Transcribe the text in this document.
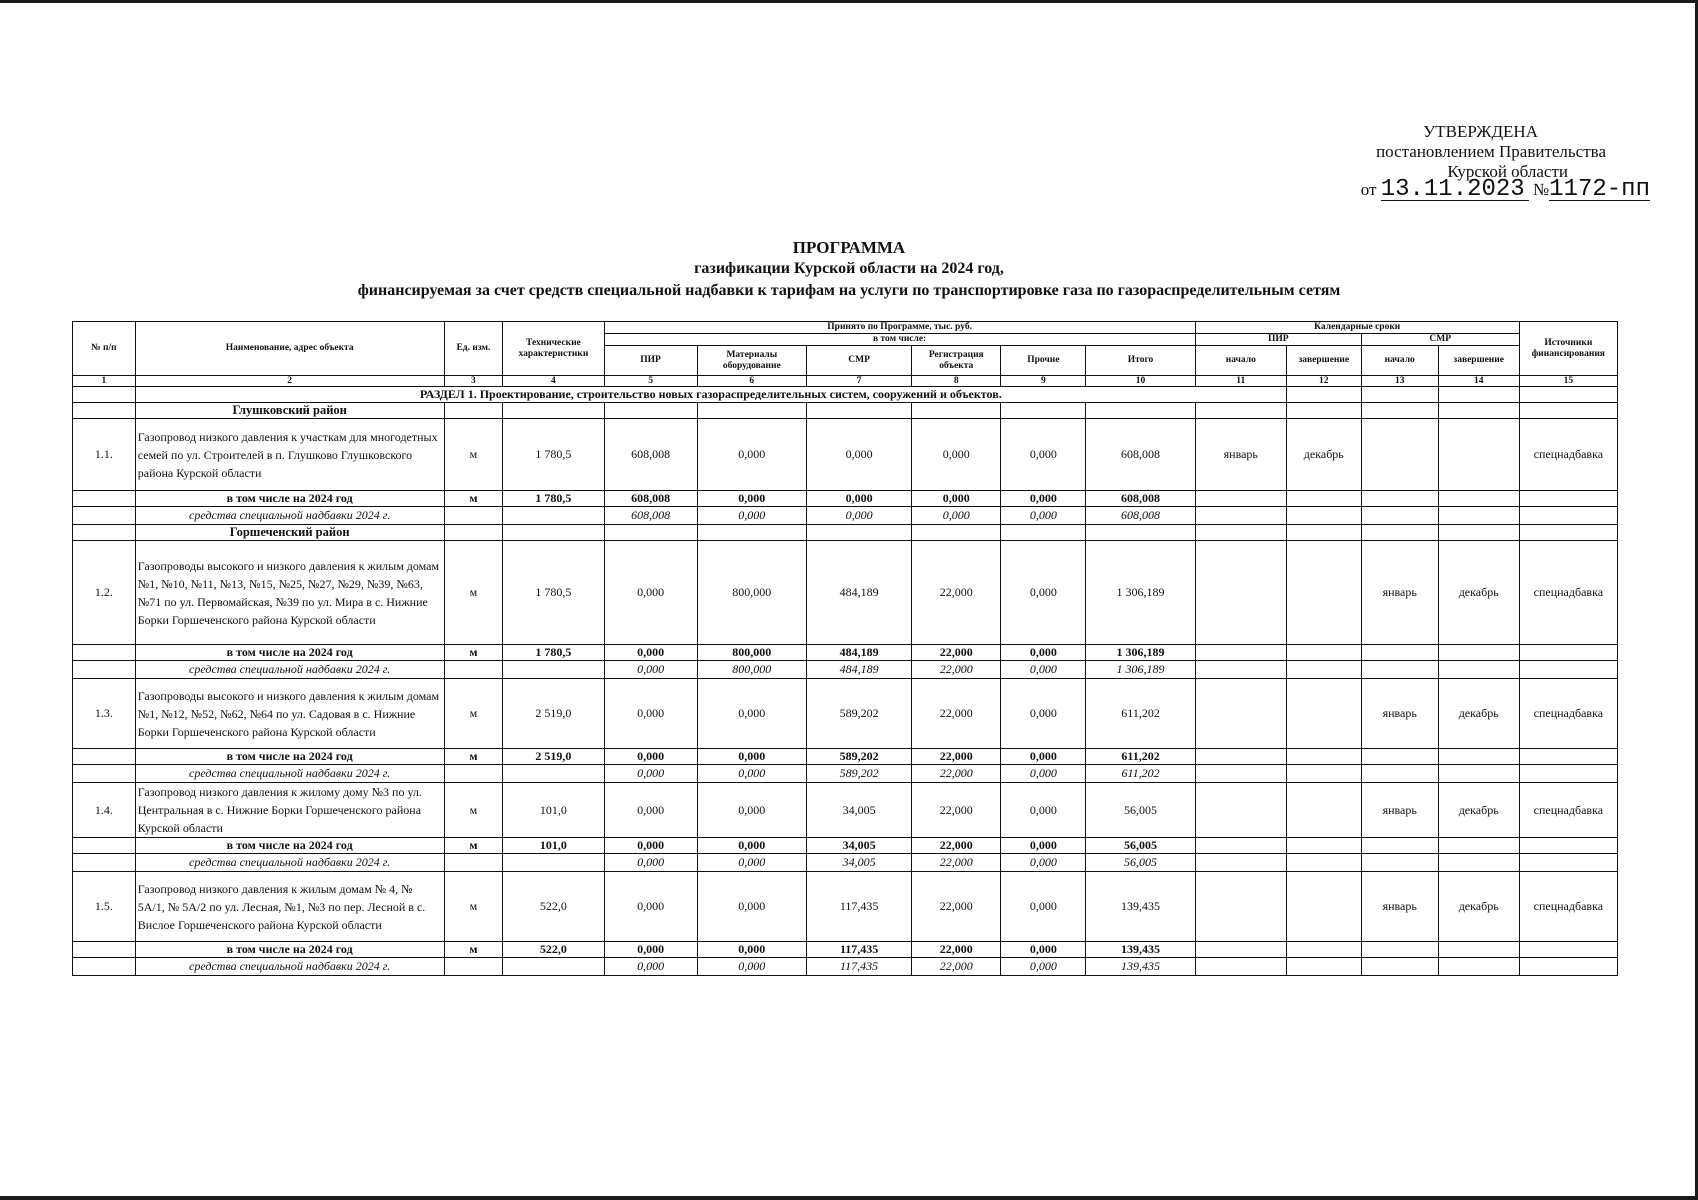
УТВЕРЖДЕНА
постановлением Правительства
Курской области
от 13.11.2023 №1172-пп
ПРОГРАММА
газификации Курской области на 2024 год,
финансируемая за счет средств специальной надбавки к тарифам на услуги по транспортировке газа по газораспределительным сетям
№ п/п	Наименование, адрес объекта	Ед. изм.	Технические характеристики	Принято по Программе, тыс. руб.						Календарные сроки				Источники финансирования
				в том числе:						ПИР		СМР		
				ПИР	Материалы оборудование	СМР	Регистрация объекта	Прочие	Итого	начало	завершение	начало	завершение	
1	2	3	4	5	6	7	8	9	10	11	12	13	14	15
	РАЗДЕЛ 1. Проектирование, строительство новых газораспределительных систем, сооружений и объектов.													
	Глушковский район													
1.1.	Газопровод низкого давления к участкам для многодетных семей по ул. Строителей в п. Глушково Глушковского района Курской области	м	1 780,5	608,008	0,000	0,000	0,000	0,000	608,008	январь	декабрь			спецнадбавка
	в том числе на 2024 год	м	1 780,5	608,008	0,000	0,000	0,000	0,000	608,008					
	средства специальной надбавки 2024 г.			608,008	0,000	0,000	0,000	0,000	608,008					
	Горшеченский район													
1.2.	Газопроводы высокого и низкого давления к жилым домам №1, №10, №11, №13, №15, №25, №27, №29, №39, №63, №71 по ул. Первомайская, №39 по ул. Мира в с. Нижние Борки Горшеченского района Курской области	м	1 780,5	0,000	800,000	484,189	22,000	0,000	1 306,189			январь	декабрь	спецнадбавка
	в том числе на 2024 год	м	1 780,5	0,000	800,000	484,189	22,000	0,000	1 306,189					
	средства специальной надбавки 2024 г.			0,000	800,000	484,189	22,000	0,000	1 306,189					
1.3.	Газопроводы высокого и низкого давления к жилым домам №1, №12, №52, №62, №64 по ул. Садовая в с. Нижние Борки Горшеченского района Курской области	м	2 519,0	0,000	0,000	589,202	22,000	0,000	611,202			январь	декабрь	спецнадбавка
	в том числе на 2024 год	м	2 519,0	0,000	0,000	589,202	22,000	0,000	611,202					
	средства специальной надбавки 2024 г.			0,000	0,000	589,202	22,000	0,000	611,202					
1.4.	Газопровод низкого давления к жилому дому №3 по ул. Центральная в с. Нижние Борки Горшеченского района Курской области	м	101,0	0,000	0,000	34,005	22,000	0,000	56,005			январь	декабрь	спецнадбавка
	в том числе на 2024 год	м	101,0	0,000	0,000	34,005	22,000	0,000	56,005					
	средства специальной надбавки 2024 г.			0,000	0,000	34,005	22,000	0,000	56,005					
1.5.	Газопровод низкого давления к жилым домам № 4, № 5А/1, № 5А/2 по ул. Лесная, №1, №3 по пер. Лесной в с. Вислое Горшеченского района Курской области	м	522,0	0,000	0,000	117,435	22,000	0,000	139,435			январь	декабрь	спецнадбавка
	в том числе на 2024 год	м	522,0	0,000	0,000	117,435	22,000	0,000	139,435					
	средства специальной надбавки 2024 г.			0,000	0,000	117,435	22,000	0,000	139,435					
